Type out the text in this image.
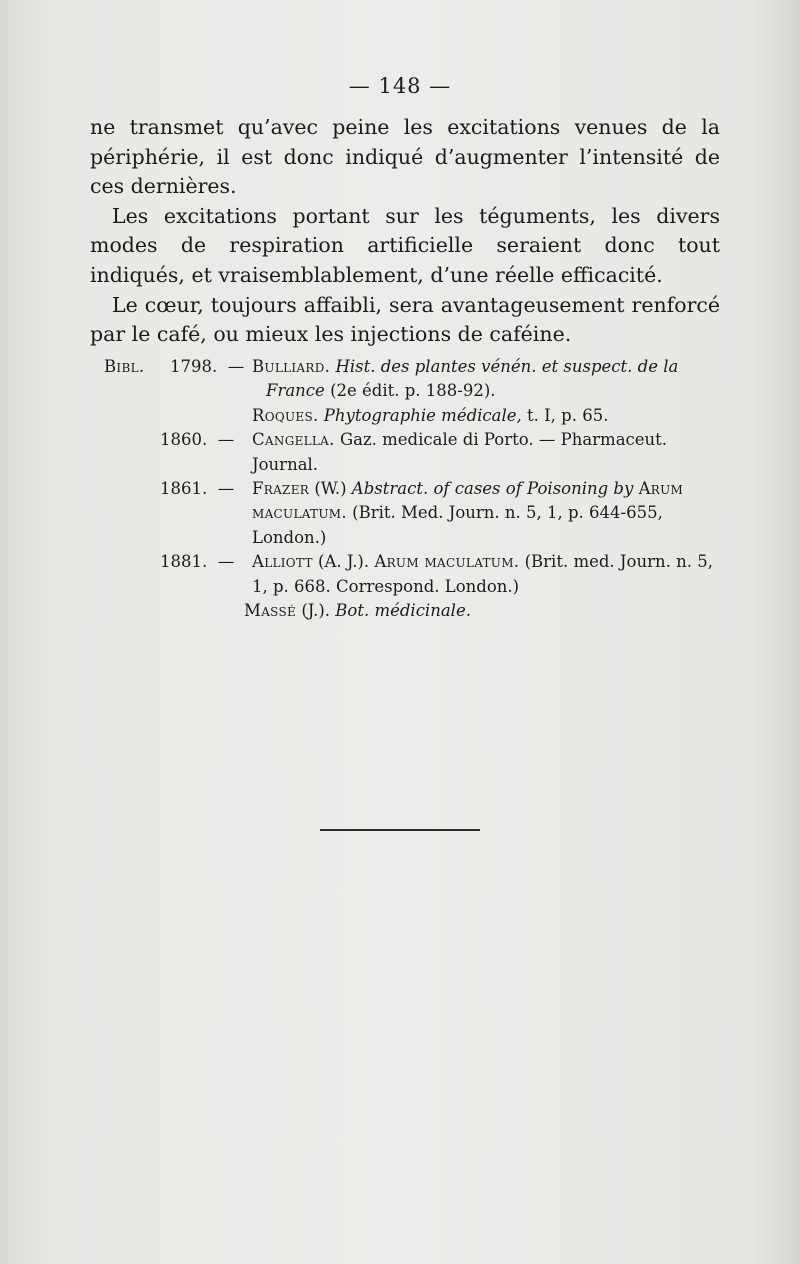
— 148 —

ne transmet qu’avec peine les excitations venues de la périphérie, il est donc indiqué d’augmenter l’intensité de ces dernières.

Les excitations portant sur les téguments, les divers modes de respiration artificielle seraient donc tout indiqués, et vraisemblablement, d’une réelle efficacité.

Le cœur, toujours affaibli, sera avantageusement renforcé par le café, ou mieux les injections de caféine.

Bibl. 1798. — Bulliard. Hist. des plantes vénén. et suspect. de la France (2e édit. p. 188-92).
Roques. Phytographie médicale, t. I, p. 65.
1860. —	Cangella. Gaz. medicale di Porto. — Pharmaceut. Journal.
1861. —	Frazer (W.) Abstract. of cases of Poisoning by Arum maculatum. (Brit. Med. Journ. n. 5, 1, p. 644-655, London.)
1881. —	Alliott (A. J.). Arum maculatum. (Brit. med. Journ. n. 5, 1, p. 668. Correspond. London.)
Massé (J.). Bot. médicinale.
